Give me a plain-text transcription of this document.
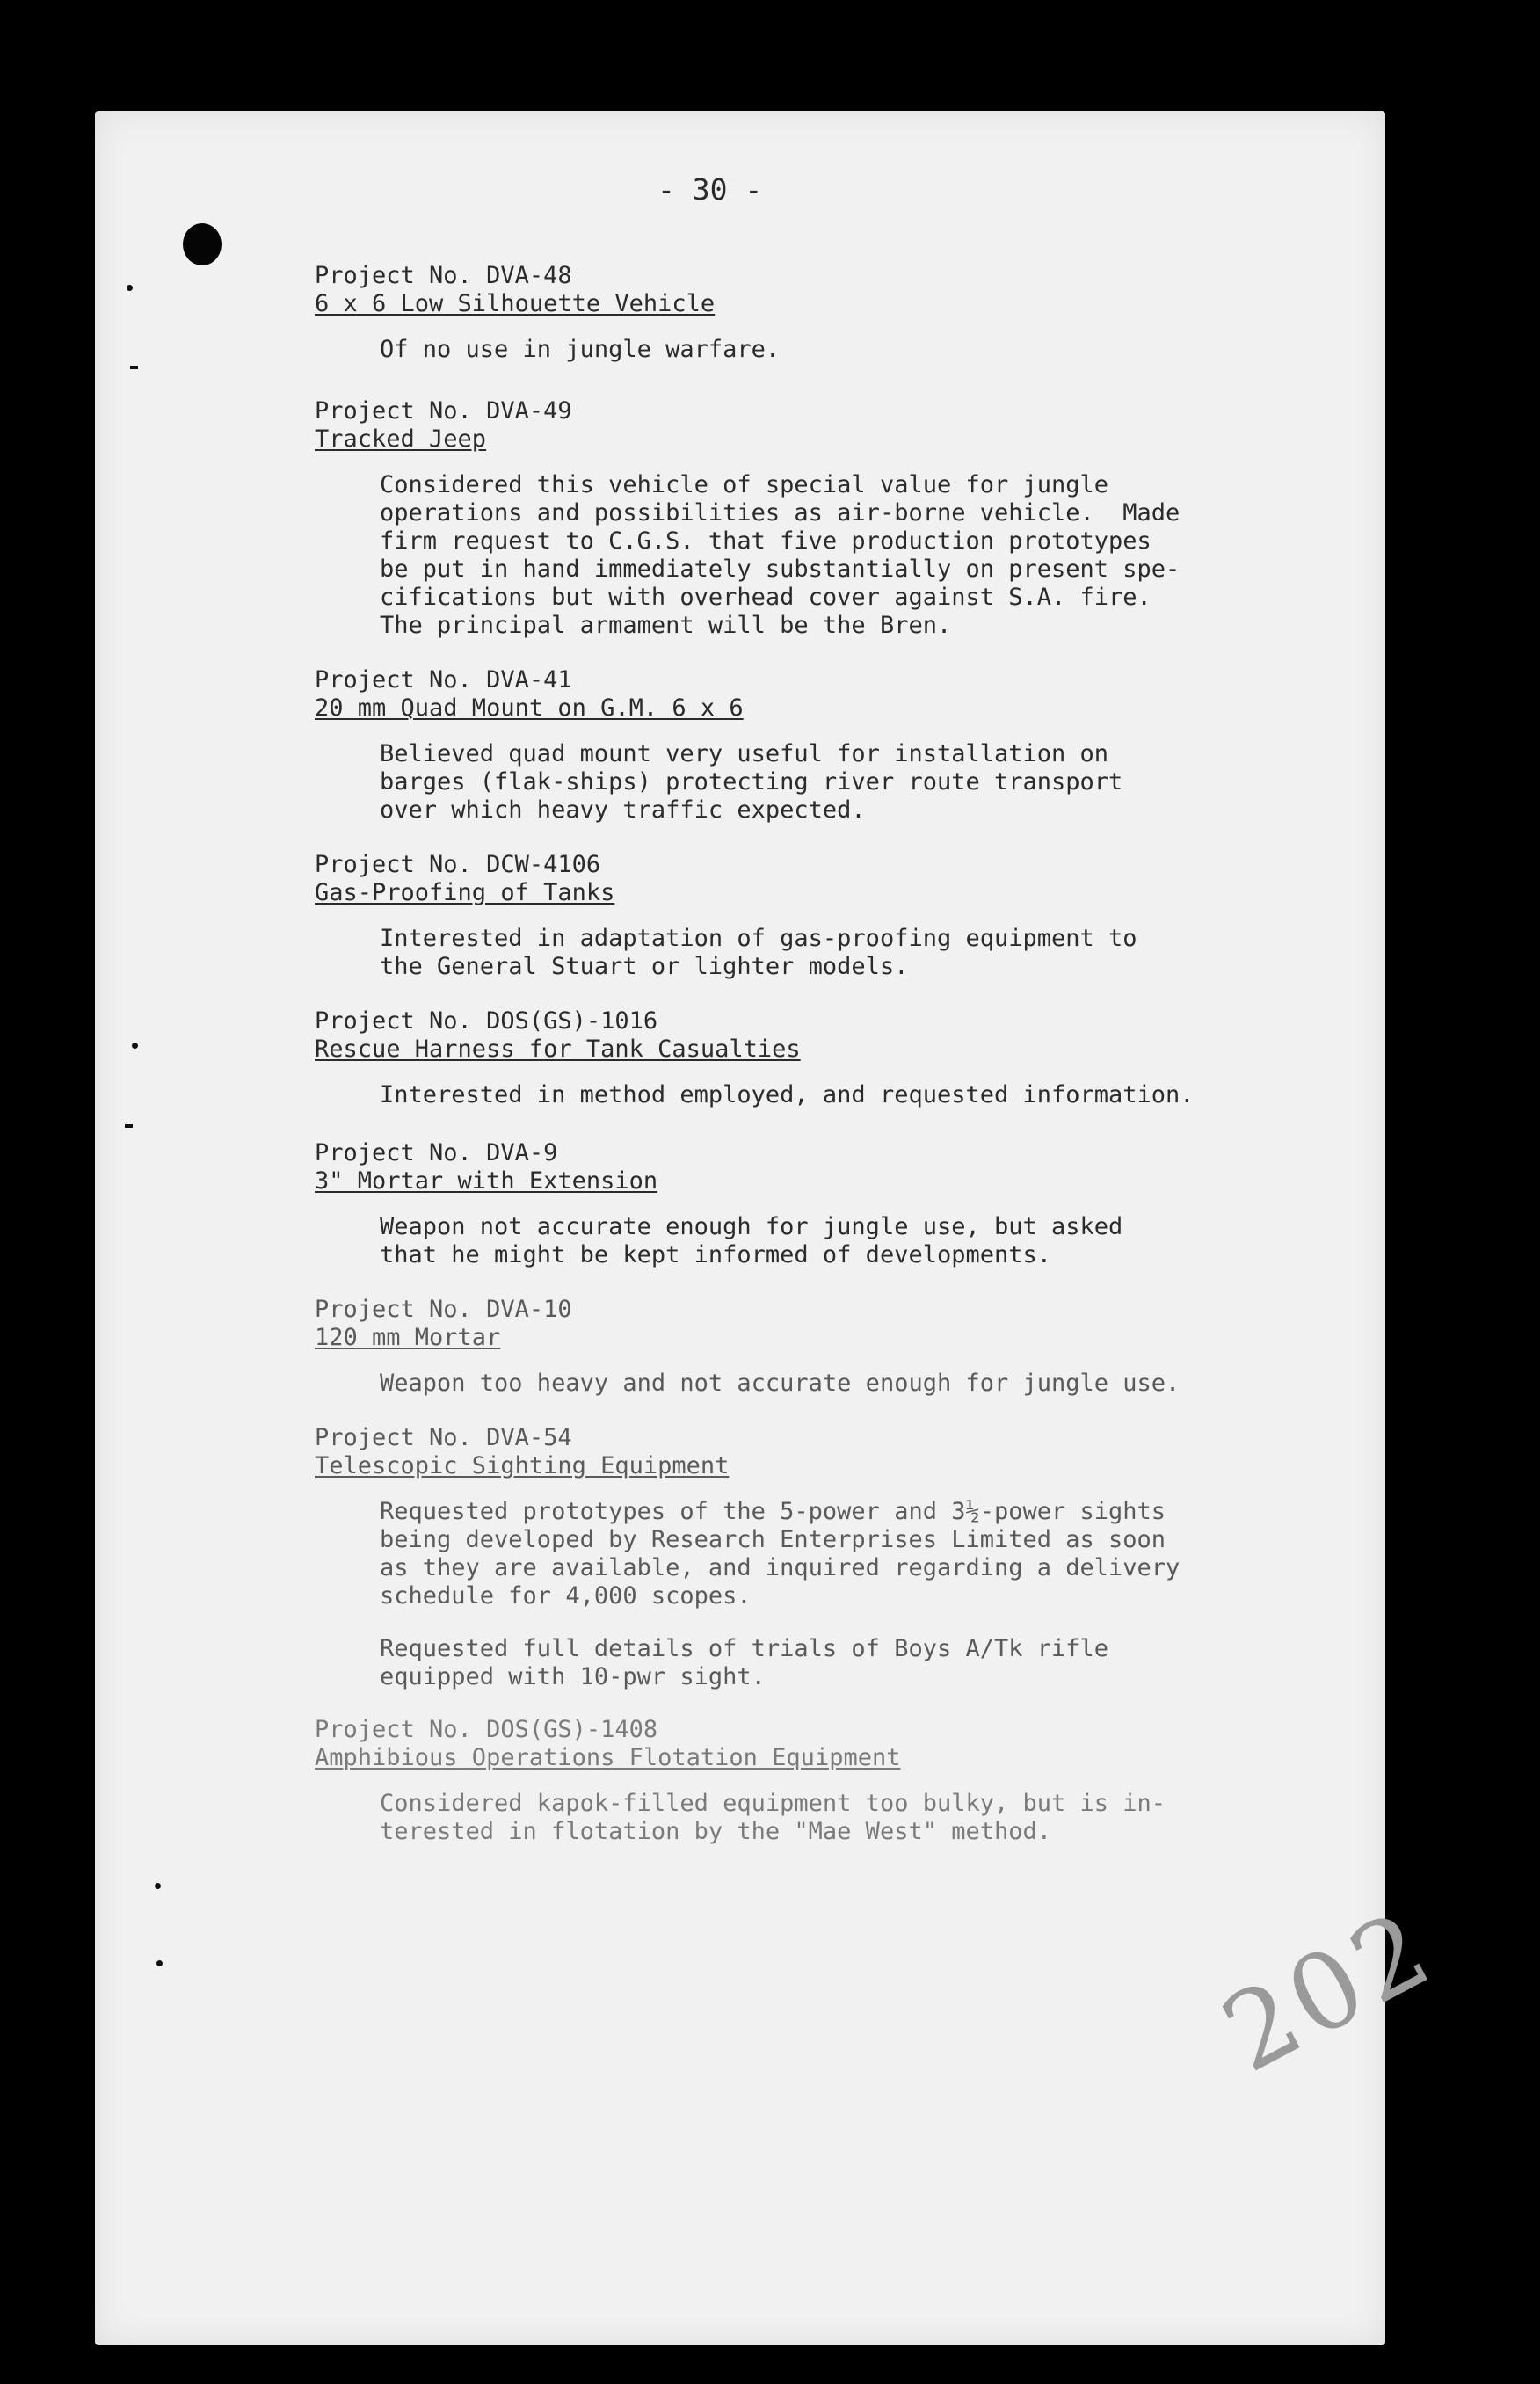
- 30 -
Project No. DVA-48
6 x 6 Low Silhouette Vehicle
Of no use in jungle warfare.
Project No. DVA-49
Tracked Jeep
Considered this vehicle of special value for jungle
operations and possibilities as air-borne vehicle.  Made
firm request to C.G.S. that five production prototypes
be put in hand immediately substantially on present spe-
cifications but with overhead cover against S.A. fire.
The principal armament will be the Bren.
Project No. DVA-41
20 mm Quad Mount on G.M. 6 x 6
Believed quad mount very useful for installation on
barges (flak-ships) protecting river route transport
over which heavy traffic expected.
Project No. DCW-4106
Gas-Proofing of Tanks
Interested in adaptation of gas-proofing equipment to
the General Stuart or lighter models.
Project No. DOS(GS)-1016
Rescue Harness for Tank Casualties
Interested in method employed, and requested information.
Project No. DVA-9
3" Mortar with Extension
Weapon not accurate enough for jungle use, but asked
that he might be kept informed of developments.
Project No. DVA-10
120 mm Mortar
Weapon too heavy and not accurate enough for jungle use.
Project No. DVA-54
Telescopic Sighting Equipment
Requested prototypes of the 5-power and 3½-power sights
being developed by Research Enterprises Limited as soon
as they are available, and inquired regarding a delivery
schedule for 4,000 scopes.
Requested full details of trials of Boys A/Tk rifle
equipped with 10-pwr sight.
Project No. DOS(GS)-1408
Amphibious Operations Flotation Equipment
Considered kapok-filled equipment too bulky, but is in-
terested in flotation by the "Mae West" method.
202
